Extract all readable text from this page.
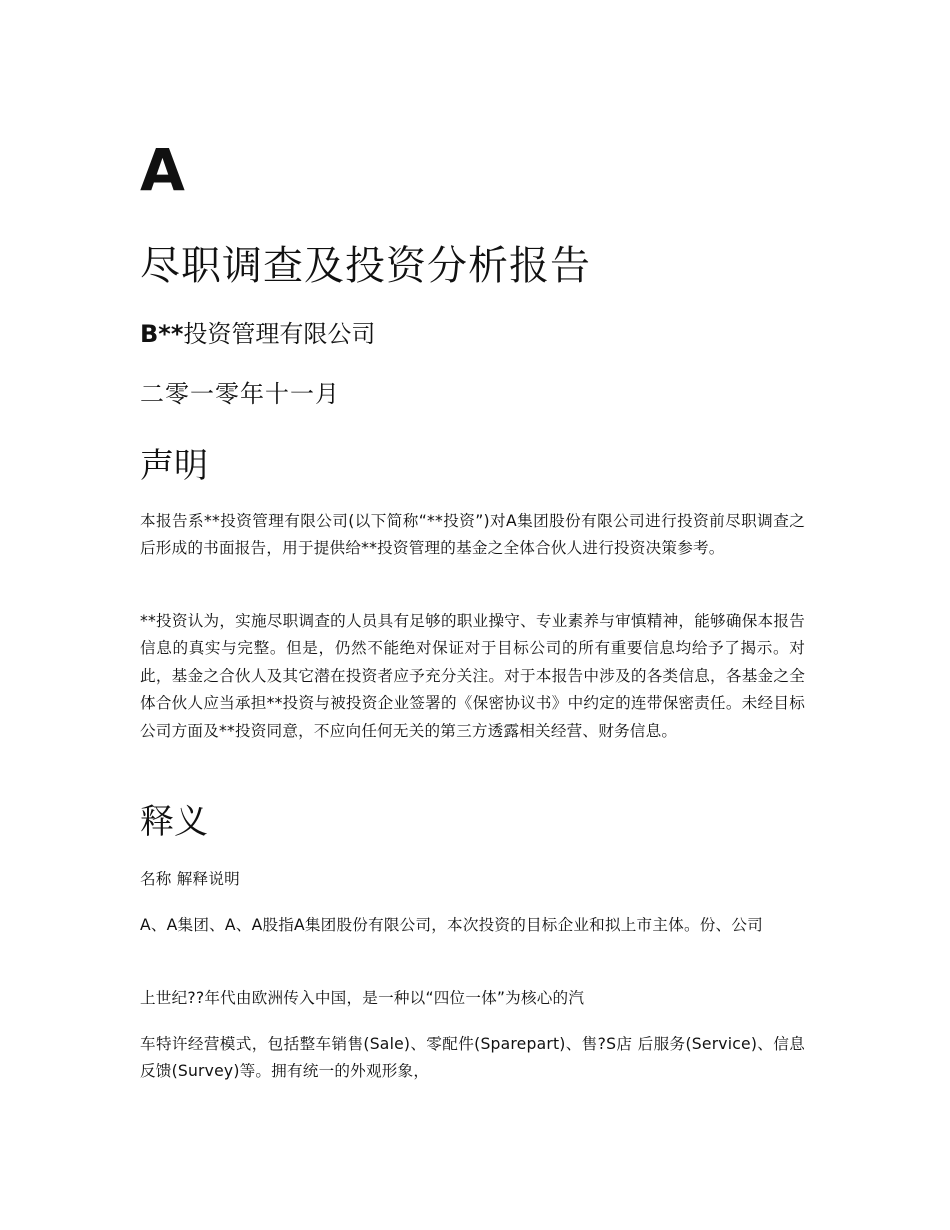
A
尽职调查及投资分析报告

B**投资管理有限公司

二零一零年十一月

声明

本报告系**投资管理有限公司(以下简称“**投资”)对A集团股份有限公司进行投资前尽职调查之后形成的书面报告，用于提供给**投资管理的基金之全体合伙人进行投资决策参考。

**投资认为，实施尽职调查的人员具有足够的职业操守、专业素养与审慎精神，能够确保本报告信息的真实与完整。但是，仍然不能绝对保证对于目标公司的所有重要信息均给予了揭示。对此，基金之合伙人及其它潜在投资者应予充分关注。对于本报告中涉及的各类信息，各基金之全体合伙人应当承担**投资与被投资企业签署的《保密协议书》中约定的连带保密责任。未经目标公司方面及**投资同意，不应向任何无关的第三方透露相关经营、财务信息。

释义

名称 解释说明

A、A集团、A、A股指A集团股份有限公司，本次投资的目标企业和拟上市主体。份、公司

上世纪??年代由欧洲传入中国，是一种以“四位一体”为核心的汽

车特许经营模式，包括整车销售(Sale)、零配件(Sparepart)、售?S店 后服务(Service)、信息反馈(Survey)等。拥有统一的外观形象，
